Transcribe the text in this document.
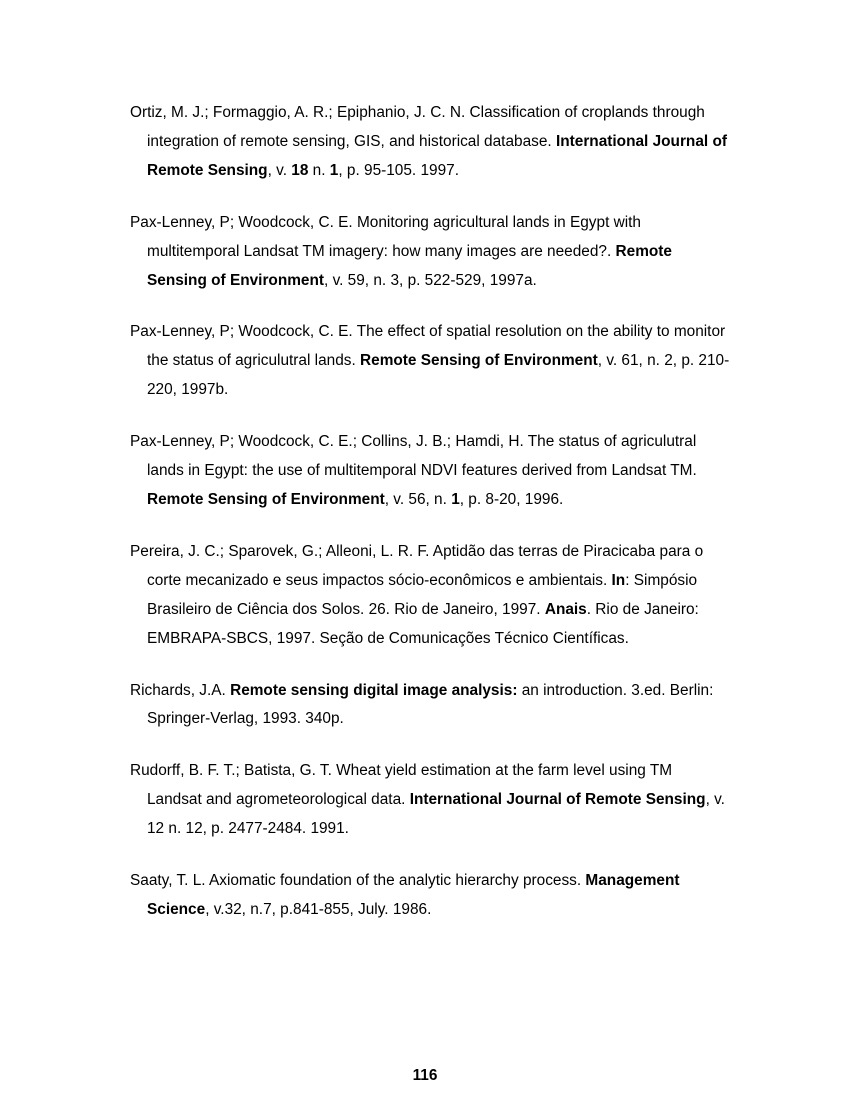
Ortiz, M. J.; Formaggio, A. R.; Epiphanio, J. C. N. Classification of croplands through integration of remote sensing, GIS, and historical database. International Journal of Remote Sensing, v. 18 n. 1, p. 95-105. 1997.

Pax-Lenney, P; Woodcock, C. E. Monitoring agricultural lands in Egypt with multitemporal Landsat TM imagery: how many images are needed?. Remote Sensing of Environment, v. 59, n. 3, p. 522-529, 1997a.

Pax-Lenney, P; Woodcock, C. E. The effect of spatial resolution on the ability to monitor the status of agriculutral lands. Remote Sensing of Environment, v. 61, n. 2, p. 210-220, 1997b.

Pax-Lenney, P; Woodcock, C. E.; Collins, J. B.; Hamdi, H. The status of agriculutral lands in Egypt: the use of multitemporal NDVI features derived from Landsat TM. Remote Sensing of Environment, v. 56, n. 1, p. 8-20, 1996.

Pereira, J. C.; Sparovek, G.; Alleoni, L. R. F. Aptidão das terras de Piracicaba para o corte mecanizado e seus impactos sócio-econômicos e ambientais. In: Simpósio Brasileiro de Ciência dos Solos. 26. Rio de Janeiro, 1997. Anais. Rio de Janeiro: EMBRAPA-SBCS, 1997. Seção de Comunicações Técnico Científicas.

Richards, J.A. Remote sensing digital image analysis: an introduction. 3.ed. Berlin: Springer-Verlag, 1993. 340p.

Rudorff, B. F. T.; Batista, G. T. Wheat yield estimation at the farm level using TM Landsat and agrometeorological data. International Journal of Remote Sensing, v. 12 n. 12, p. 2477-2484. 1991.

Saaty, T. L. Axiomatic foundation of the analytic hierarchy process. Management Science, v.32, n.7, p.841-855, July. 1986.

116
